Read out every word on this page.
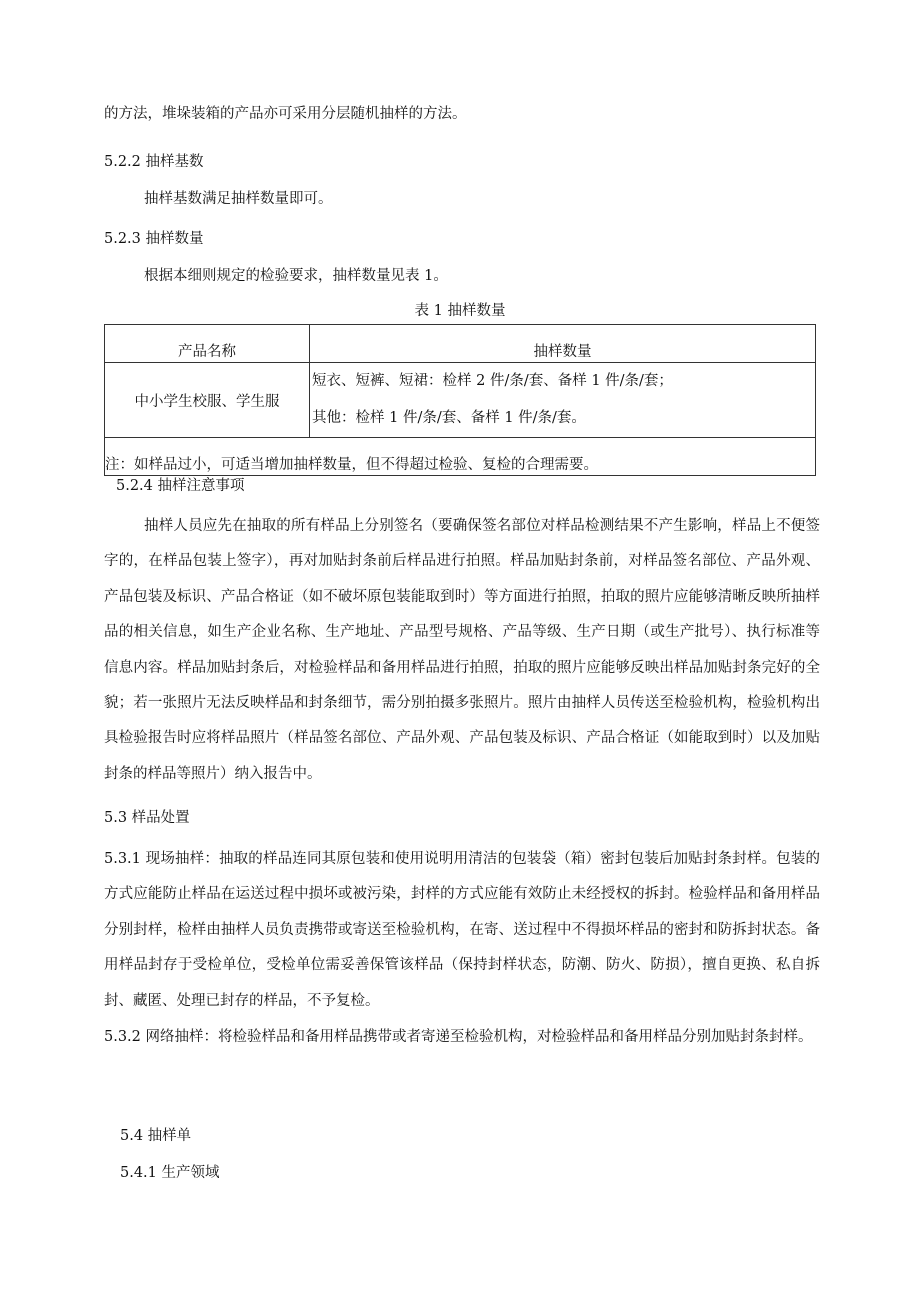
的方法，堆垛装箱的产品亦可采用分层随机抽样的方法。
5.2.2 抽样基数
抽样基数满足抽样数量即可。
5.2.3 抽样数量
根据本细则规定的检验要求，抽样数量见表 1。
表 1 抽样数量
产品名称	抽样数量
中小学生校服、学生服	短衣、短裤、短裙：检样 2 件/条/套、备样 1 件/条/套；
其他：检样 1 件/条/套、备样 1 件/条/套。

注：如样品过小，可适当增加抽样数量，但不得超过检验、复检的合理需要。	
5.2.4 抽样注意事项

抽样人员应先在抽取的所有样品上分别签名（要确保签名部位对样品检测结果不产生影响，样品上不便签字的，在样品包装上签字），再对加贴封条前后样品进行拍照。样品加贴封条前，对样品签名部位、产品外观、产品包装及标识、产品合格证（如不破坏原包装能取到时）等方面进行拍照，拍取的照片应能够清晰反映所抽样品的相关信息，如生产企业名称、生产地址、产品型号规格、产品等级、生产日期（或生产批号）、执行标准等信息内容。样品加贴封条后，对检验样品和备用样品进行拍照，拍取的照片应能够反映出样品加贴封条完好的全貌；若一张照片无法反映样品和封条细节，需分别拍摄多张照片。照片由抽样人员传送至检验机构，检验机构出具检验报告时应将样品照片（样品签名部位、产品外观、产品包装及标识、产品合格证（如能取到时）以及加贴封条的样品等照片）纳入报告中。

5.3 样品处置

5.3.1 现场抽样：抽取的样品连同其原包装和使用说明用清洁的包装袋（箱）密封包装后加贴封条封样。包装的方式应能防止样品在运送过程中损坏或被污染，封样的方式应能有效防止未经授权的拆封。检验样品和备用样品分别封样，检样由抽样人员负责携带或寄送至检验机构，在寄、送过程中不得损坏样品的密封和防拆封状态。备用样品封存于受检单位，受检单位需妥善保管该样品（保持封样状态，防潮、防火、防损），擅自更换、私自拆封、藏匿、处理已封存的样品，不予复检。

5.3.2 网络抽样：将检验样品和备用样品携带或者寄递至检验机构，对检验样品和备用样品分别加贴封条封样。

5.4 抽样单
5.4.1 生产领域
